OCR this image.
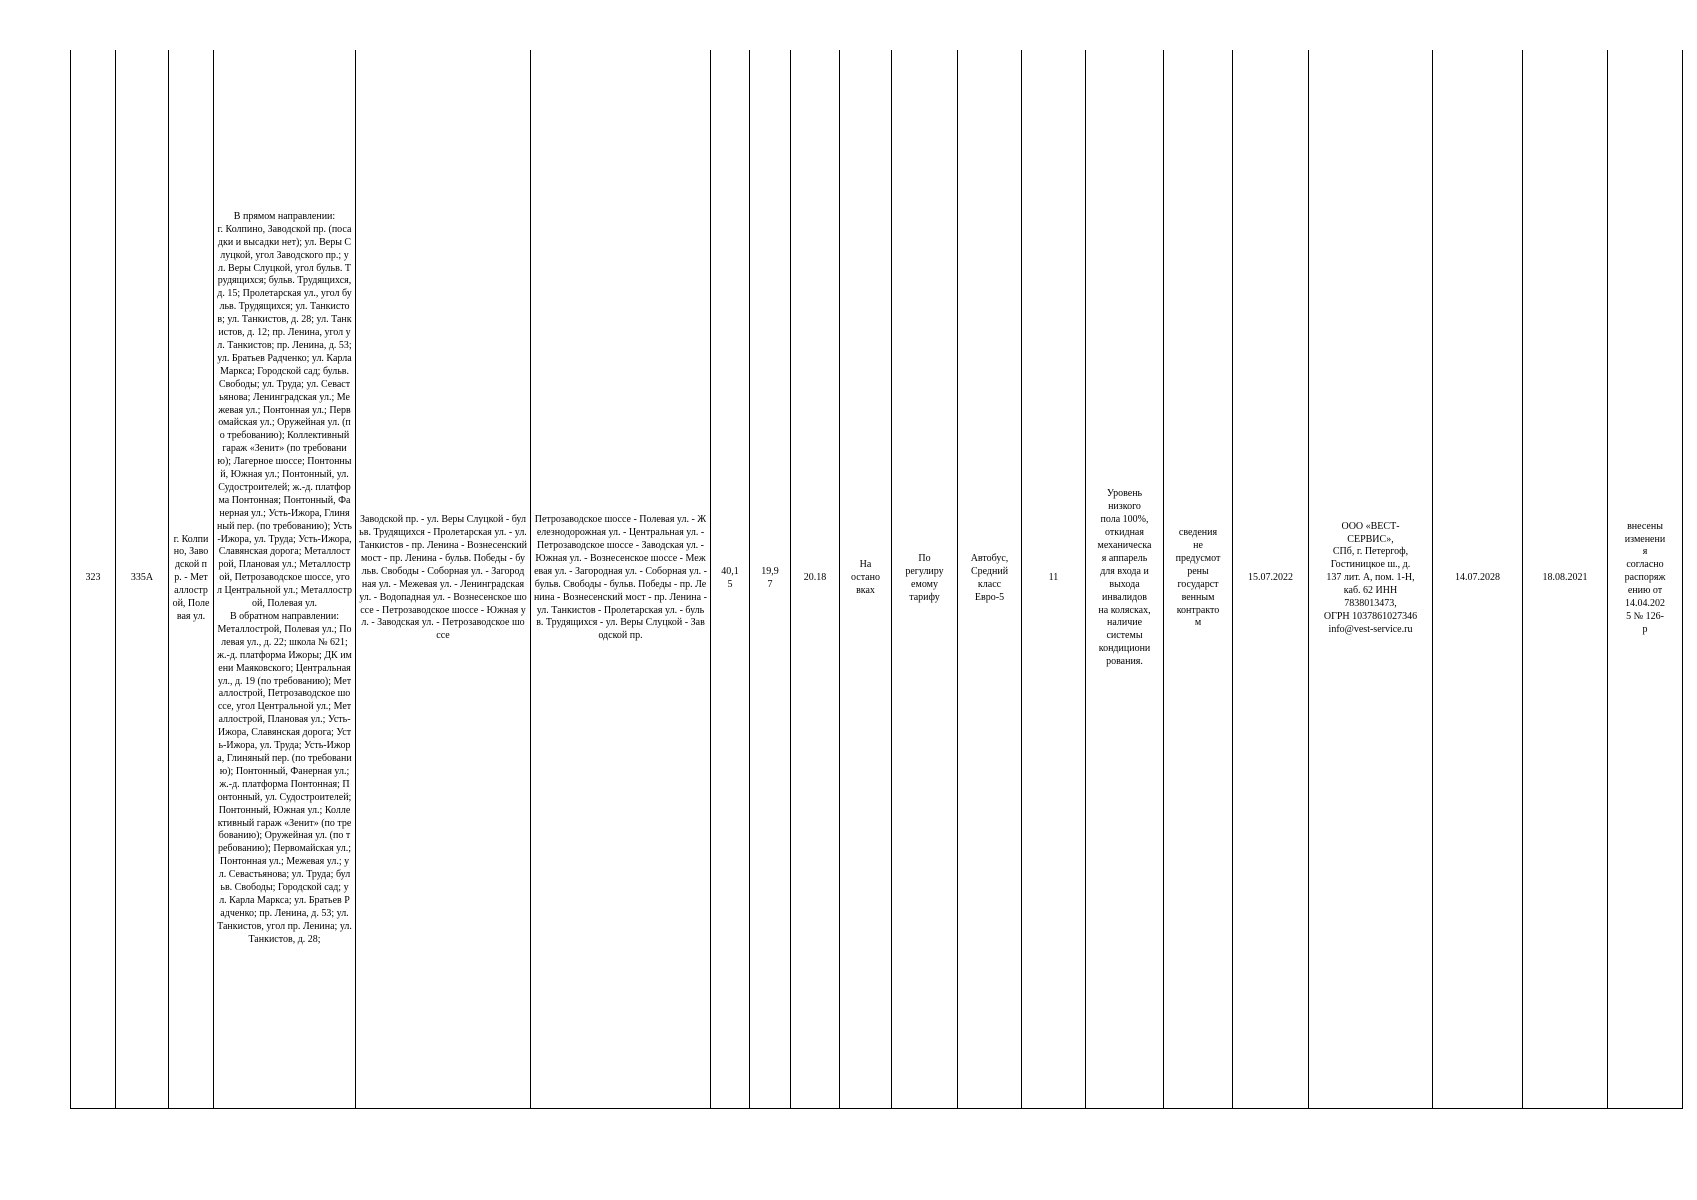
323	335А	г. Колпино, Заводской пр. - Металлострой, Полевая ул.	В прямом направлении:
г. Колпино, Заводской пр. (посадки и высадки нет); ул. Веры Слуцкой, угол Заводского пр.; ул. Веры Слуцкой, угол бульв. Трудящихся; бульв. Трудящихся, д. 15; Пролетарская ул., угол бульв. Трудящихся; ул. Танкистов; ул. Танкистов, д. 28; ул. Танкистов, д. 12; пр. Ленина, угол ул. Танкистов; пр. Ленина, д. 53; ул. Братьев Радченко; ул. Карла Маркса; Городской сад; бульв. Свободы; ул. Труда; ул. Севастьянова; Ленинградская ул.; Межевая ул.; Понтонная ул.; Первомайская ул.; Оружейная ул. (по требованию); Коллективный гараж «Зенит» (по требованию); Лагерное шоссе; Понтонный, Южная ул.; Понтонный, ул. Судостроителей; ж.-д. платформа Понтонная; Понтонный, Фанерная ул.; Усть-Ижора, Глиняный пер. (по требованию); Усть-Ижора, ул. Труда; Усть-Ижора, Славянская дорога; Металлострой, Плановая ул.; Металлострой, Петрозаводское шоссе, угол Центральной ул.; Металлострой, Полевая ул.
В обратном направлении:
Металлострой, Полевая ул.; Полевая ул., д. 22; школа № 621; ж.-д. платформа Ижоры; ДК имени Маяковского; Центральная ул., д. 19 (по требованию); Металлострой, Петрозаводское шоссе, угол Центральной ул.; Металлострой, Плановая ул.; Усть-Ижора, Славянская дорога; Усть-Ижора, ул. Труда; Усть-Ижора, Глиняный пер. (по требованию); Понтонный, Фанерная ул.; ж.-д. платформа Понтонная; Понтонный, ул. Судостроителей; Понтонный, Южная ул.; Коллективный гараж «Зенит» (по требованию); Оружейная ул. (по требованию); Первомайская ул.; Понтонная ул.; Межевая ул.; ул. Севастьянова; ул. Труда; бульв. Свободы; Городской сад; ул. Карла Маркса; ул. Братьев Радченко; пр. Ленина, д. 53; ул. Танкистов, угол пр. Ленина; ул. Танкистов, д. 28;	Заводской пр. - ул. Веры Слуцкой - бульв. Трудящихся - Пролетарская ул. - ул. Танкистов - пр. Ленина - Вознесенский мост - пр. Ленина - бульв. Победы - бульв. Свободы - Соборная ул. - Загородная ул. - Межевая ул. - Ленинградская ул. - Водопадная ул. - Вознесенское шоссе - Петрозаводское шоссе - Южная ул. - Заводская ул. - Петрозаводское шоссе	Петрозаводское шоссе - Полевая ул. - Железнодорожная ул. - Центральная ул. - Петрозаводское шоссе - Заводская ул. - Южная ул. - Вознесенское шоссе - Межевая ул. - Загородная ул. - Соборная ул. - бульв. Свободы - бульв. Победы - пр. Ленина - Вознесенский мост - пр. Ленина - ул. Танкистов - Пролетарская ул. - бульв. Трудящихся - ул. Веры Слуцкой - Заводской пр.	40,1
5	19,9
7	20.18	На
остано
вках	По
регулиру
емому
тарифу	Автобус,
Средний
класс
Евро-5	11	Уровень
низкого
пола 100%,
откидная
механическа
я аппарель
для входа и
выхода
инвалидов
на колясках,
наличие
системы
кондициони
рования.	сведения
не
предусмот
рены
государст
венным
контракто
м	15.07.2022	ООО «ВЕСТ-
СЕРВИС»,
СПб, г. Петергоф,
Гостиницкое ш., д.
137 лит. А, пом. 1-Н,
каб. 62 ИНН
7838013473,
ОГРН 1037861027346
info@vest-service.ru	14.07.2028	18.08.2021	внесены
изменени
я
согласно
распоряж
ению от
14.04.202
5 № 126-
р
